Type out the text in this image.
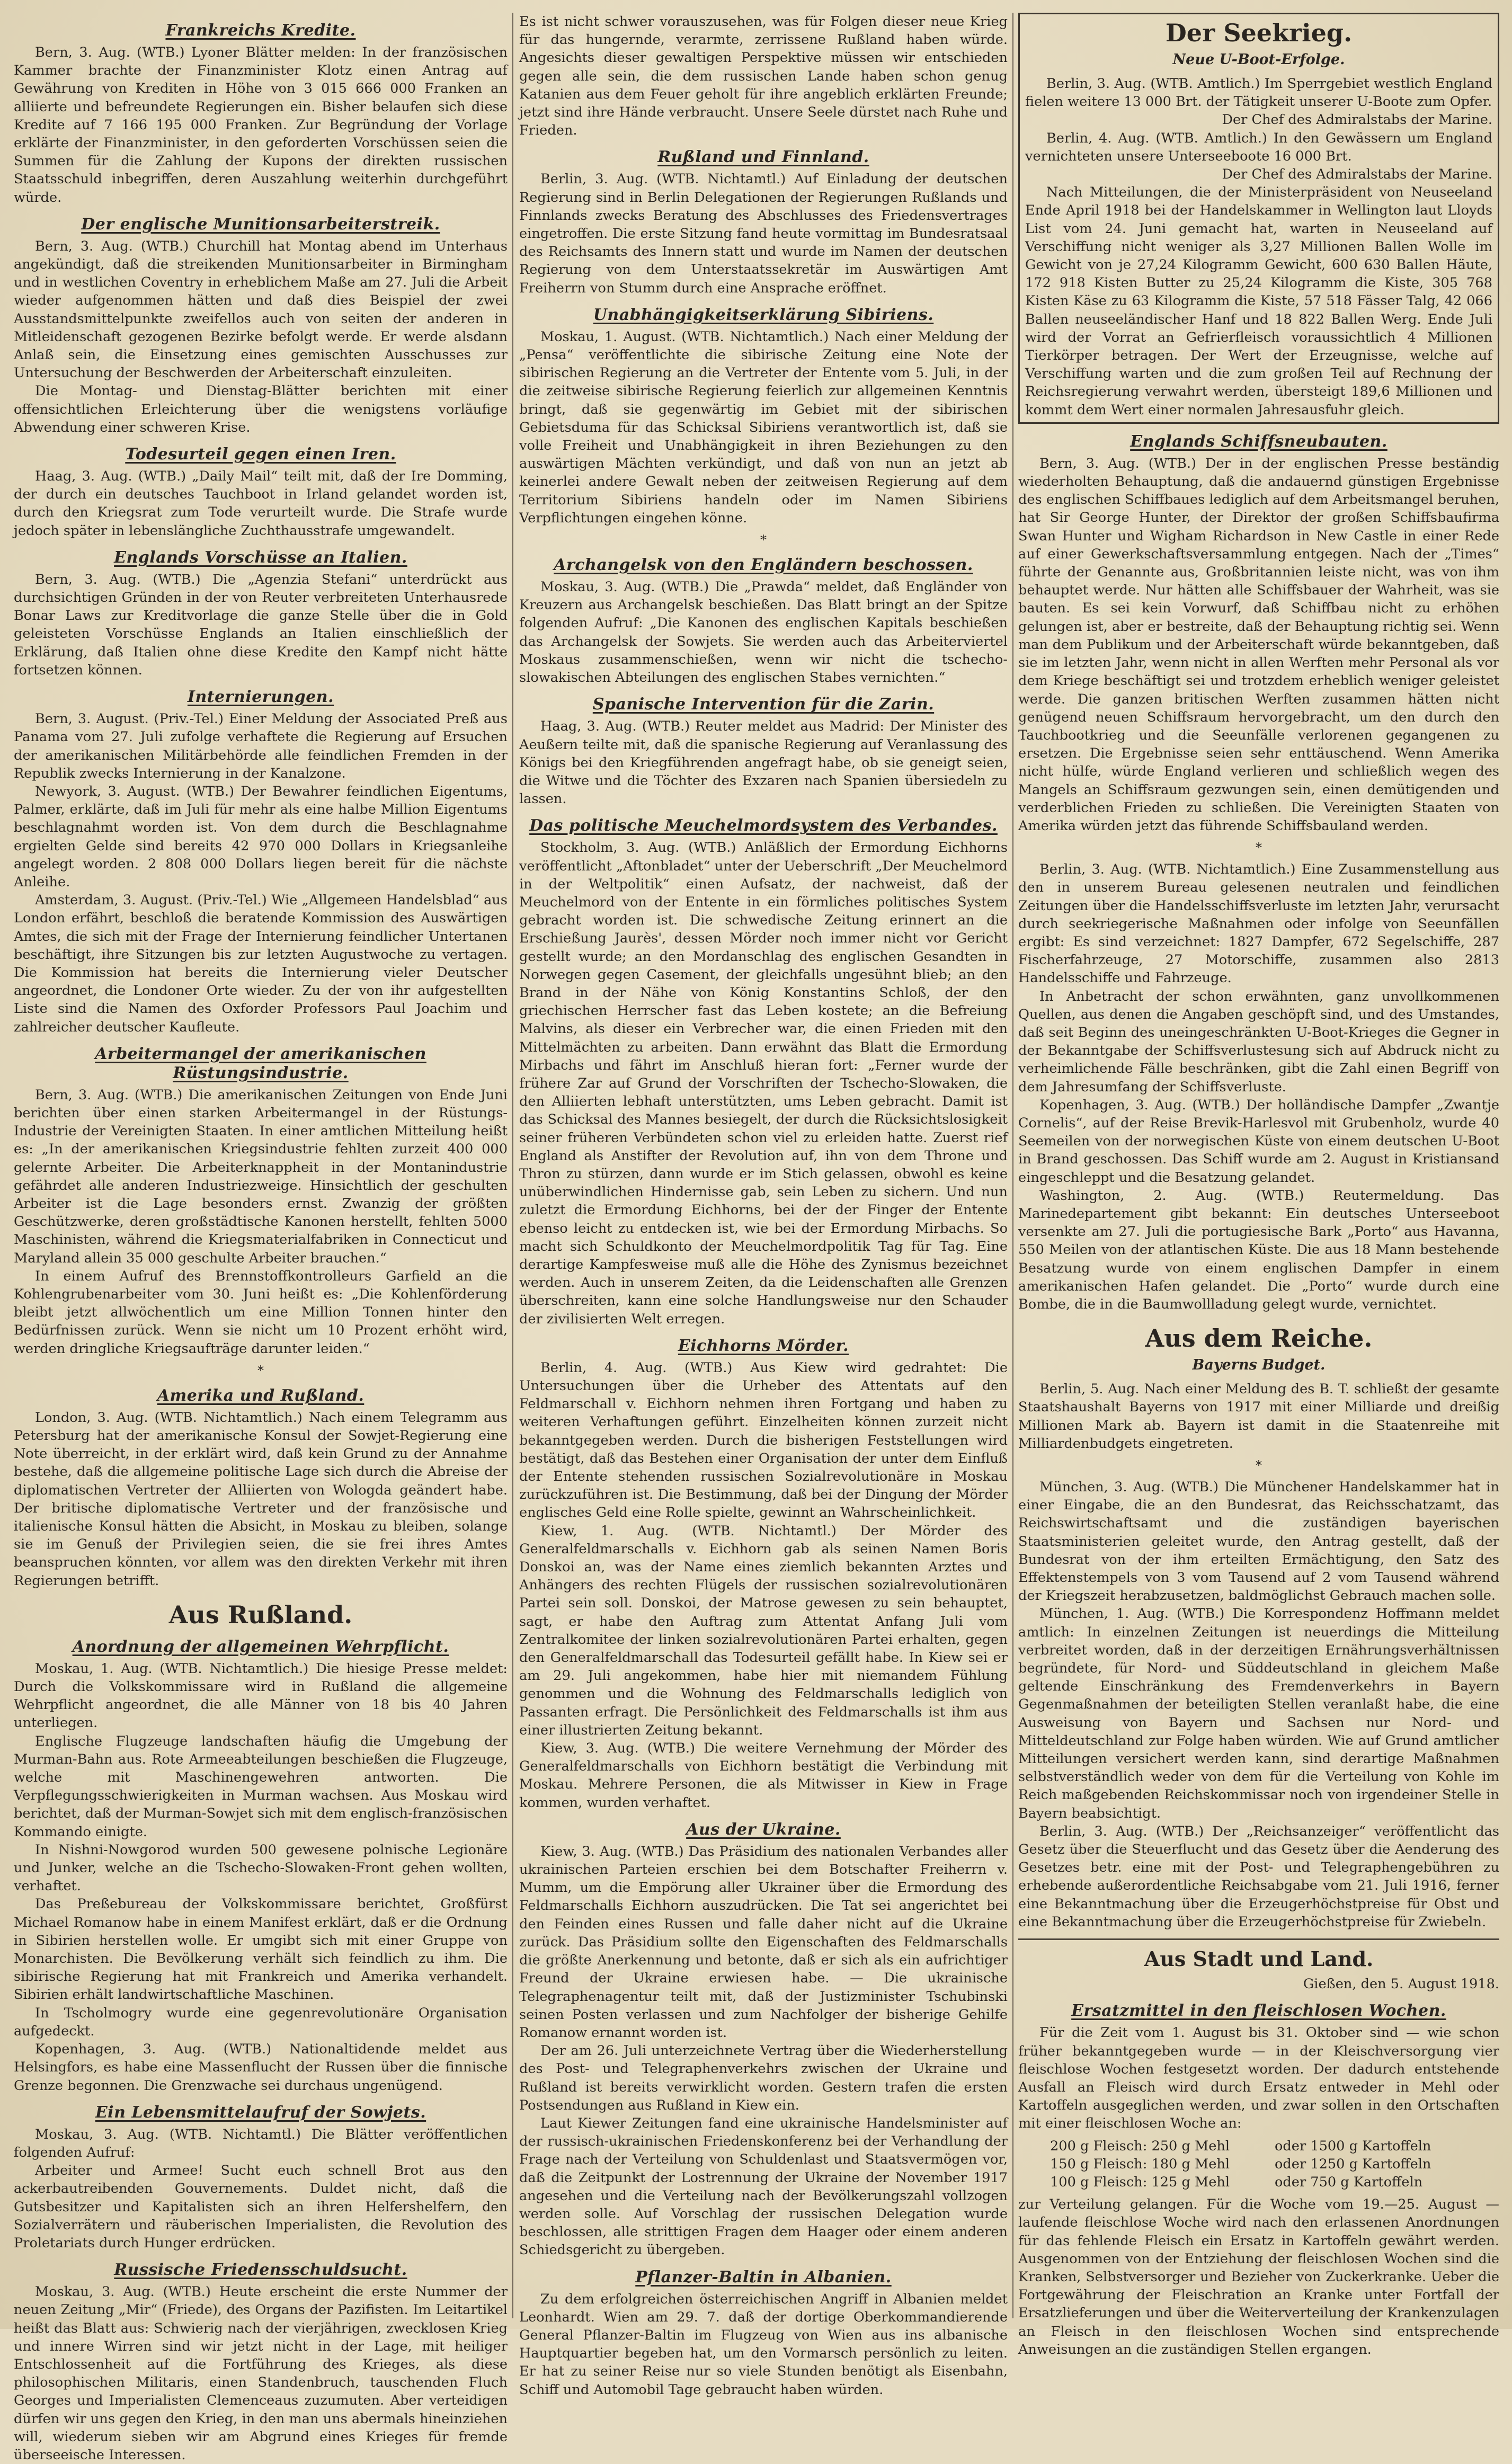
Frankreichs Kredite.

Bern, 3. Aug. (WTB.) Lyoner Blätter melden: In der französischen Kammer brachte der Finanzminister Klotz einen Antrag auf Gewährung von Krediten in Höhe von 3 015 666 000 Franken an alliierte und befreundete Regierungen ein. Bisher belaufen sich diese Kredite auf 7 166 195 000 Franken. Zur Begründung der Vorlage erklärte der Finanzminister, in den geforderten Vorschüssen seien die Summen für die Zahlung der Kupons der direkten russischen Staatsschuld inbegriffen, deren Auszahlung weiterhin durchgeführt würde.

Der englische Munitionsarbeiterstreik.

Bern, 3. Aug. (WTB.) Churchill hat Montag abend im Unterhaus angekündigt, daß die streikenden Munitionsarbeiter in Birmingham und in westlichen Coventry in erheblichem Maße am 27. Juli die Arbeit wieder aufgenommen hätten und daß dies Beispiel der zwei Ausstandsmittelpunkte zweifellos auch von seiten der anderen in Mitleidenschaft gezogenen Bezirke befolgt werde. Er werde alsdann Anlaß sein, die Einsetzung eines gemischten Ausschusses zur Untersuchung der Beschwerden der Arbeiterschaft einzuleiten.

Die Montag- und Dienstag-Blätter berichten mit einer offensichtlichen Erleichterung über die wenigstens vorläufige Abwendung einer schweren Krise.

Todesurteil gegen einen Iren.

Haag, 3. Aug. (WTB.) „Daily Mail“ teilt mit, daß der Ire Domming, der durch ein deutsches Tauchboot in Irland gelandet worden ist, durch den Kriegsrat zum Tode verurteilt wurde. Die Strafe wurde jedoch später in lebenslängliche Zuchthausstrafe umgewandelt.

Englands Vorschüsse an Italien.

Bern, 3. Aug. (WTB.) Die „Agenzia Stefani“ unterdrückt aus durchsichtigen Gründen in der von Reuter verbreiteten Unterhausrede Bonar Laws zur Kreditvorlage die ganze Stelle über die in Gold geleisteten Vorschüsse Englands an Italien einschließlich der Erklärung, daß Italien ohne diese Kredite den Kampf nicht hätte fortsetzen können.

Internierungen.

Bern, 3. August. (Priv.-Tel.) Einer Meldung der Associated Preß aus Panama vom 27. Juli zufolge verhaftete die Regierung auf Ersuchen der amerikanischen Militärbehörde alle feindlichen Fremden in der Republik zwecks Internierung in der Kanalzone.

Newyork, 3. August. (WTB.) Der Bewahrer feindlichen Eigentums, Palmer, erklärte, daß im Juli für mehr als eine halbe Million Eigentums beschlagnahmt worden ist. Von dem durch die Beschlagnahme ergielten Gelde sind bereits 42 970 000 Dollars in Kriegsanleihe angelegt worden. 2 808 000 Dollars liegen bereit für die nächste Anleihe.

Amsterdam, 3. August. (Priv.-Tel.) Wie „Allgemeen Handelsblad“ aus London erfährt, beschloß die beratende Kommission des Auswärtigen Amtes, die sich mit der Frage der Internierung feindlicher Untertanen beschäftigt, ihre Sitzungen bis zur letzten Augustwoche zu vertagen. Die Kommission hat bereits die Internierung vieler Deutscher angeordnet, die Londoner Orte wieder. Zu der von ihr aufgestellten Liste sind die Namen des Oxforder Professors Paul Joachim und zahlreicher deutscher Kaufleute.

Arbeitermangel der amerikanischen Rüstungsindustrie.

Bern, 3. Aug. (WTB.) Die amerikanischen Zeitungen von Ende Juni berichten über einen starken Arbeitermangel in der Rüstungs-Industrie der Vereinigten Staaten. In einer amtlichen Mitteilung heißt es: „In der amerikanischen Kriegsindustrie fehlten zurzeit 400 000 gelernte Arbeiter. Die Arbeiterknappheit in der Montanindustrie gefährdet alle anderen Industriezweige. Hinsichtlich der geschulten Arbeiter ist die Lage besonders ernst. Zwanzig der größten Geschützwerke, deren großstädtische Kanonen herstellt, fehlten 5000 Maschinisten, während die Kriegsmaterialfabriken in Connecticut und Maryland allein 35 000 geschulte Arbeiter brauchen.“

In einem Aufruf des Brennstoffkontrolleurs Garfield an die Kohlengrubenarbeiter vom 30. Juni heißt es: „Die Kohlenförderung bleibt jetzt allwöchentlich um eine Million Tonnen hinter den Bedürfnissen zurück. Wenn sie nicht um 10 Prozent erhöht wird, werden dringliche Kriegsaufträge darunter leiden.“

*
Amerika und Rußland.

London, 3. Aug. (WTB. Nichtamtlich.) Nach einem Telegramm aus Petersburg hat der amerikanische Konsul der Sowjet-Regierung eine Note überreicht, in der erklärt wird, daß kein Grund zu der Annahme bestehe, daß die allgemeine politische Lage sich durch die Abreise der diplomatischen Vertreter der Alliierten von Wologda geändert habe. Der britische diplomatische Vertreter und der französische und italienische Konsul hätten die Absicht, in Moskau zu bleiben, solange sie im Genuß der Privilegien seien, die sie frei ihres Amtes beanspruchen könnten, vor allem was den direkten Verkehr mit ihren Regierungen betrifft.

Aus Rußland.
Anordnung der allgemeinen Wehrpflicht.

Moskau, 1. Aug. (WTB. Nichtamtlich.) Die hiesige Presse meldet: Durch die Volkskommissare wird in Rußland die allgemeine Wehrpflicht angeordnet, die alle Männer von 18 bis 40 Jahren unterliegen.

Englische Flugzeuge landschaften häufig die Umgebung der Murman-Bahn aus. Rote Armeeabteilungen beschießen die Flugzeuge, welche mit Maschinengewehren antworten. Die Verpflegungsschwierigkeiten in Murman wachsen. Aus Moskau wird berichtet, daß der Murman-Sowjet sich mit dem englisch-französischen Kommando einigte.

In Nishni-Nowgorod wurden 500 gewesene polnische Legionäre und Junker, welche an die Tschecho-Slowaken-Front gehen wollten, verhaftet.

Das Preßebureau der Volkskommissare berichtet, Großfürst Michael Romanow habe in einem Manifest erklärt, daß er die Ordnung in Sibirien herstellen wolle. Er umgibt sich mit einer Gruppe von Monarchisten. Die Bevölkerung verhält sich feindlich zu ihm. Die sibirische Regierung hat mit Frankreich und Amerika verhandelt. Sibirien erhält landwirtschaftliche Maschinen.

In Tscholmogry wurde eine gegenrevolutionäre Organisation aufgedeckt.

Kopenhagen, 3. Aug. (WTB.) Nationaltidende meldet aus Helsingfors, es habe eine Massenflucht der Russen über die finnische Grenze begonnen. Die Grenzwache sei durchaus ungenügend.

Ein Lebensmittelaufruf der Sowjets.

Moskau, 3. Aug. (WTB. Nichtamtl.) Die Blätter veröffentlichen folgenden Aufruf:

Arbeiter und Armee! Sucht euch schnell Brot aus den ackerbautreibenden Gouvernements. Duldet nicht, daß die Gutsbesitzer und Kapitalisten sich an ihren Helfershelfern, den Sozialverrätern und räuberischen Imperialisten, die Revolution des Proletariats durch Hunger erdrücken.

Russische Friedensschuldsucht.

Moskau, 3. Aug. (WTB.) Heute erscheint die erste Nummer der neuen Zeitung „Mir“ (Friede), des Organs der Pazifisten. Im Leitartikel heißt das Blatt aus: Schwierig nach der vierjährigen, zwecklosen Krieg und innere Wirren sind wir jetzt nicht in der Lage, mit heiliger Entschlossenheit auf die Fortführung des Krieges, als diese philosophischen Militaris, einen Standenbruch, tauschenden Fluch Georges und Imperialisten Clemenceaus zuzumuten. Aber verteidigen dürfen wir uns gegen den Krieg, in den man uns abermals hineinziehen will, wiederum sieben wir am Abgrund eines Krieges für fremde überseeische Interessen.

Es ist nicht schwer vorauszusehen, was für Folgen dieser neue Krieg für das hungernde, verarmte, zerrissene Rußland haben würde. Angesichts dieser gewaltigen Perspektive müssen wir entschieden gegen alle sein, die dem russischen Lande haben schon genug Katanien aus dem Feuer geholt für ihre angeblich erklärten Freunde; jetzt sind ihre Hände verbraucht. Unsere Seele dürstet nach Ruhe und Frieden.

Rußland und Finnland.

Berlin, 3. Aug. (WTB. Nichtamtl.) Auf Einladung der deutschen Regierung sind in Berlin Delegationen der Regierungen Rußlands und Finnlands zwecks Beratung des Abschlusses des Friedensvertrages eingetroffen. Die erste Sitzung fand heute vormittag im Bundesratsaal des Reichsamts des Innern statt und wurde im Namen der deutschen Regierung von dem Unterstaatssekretär im Auswärtigen Amt Freiherrn von Stumm durch eine Ansprache eröffnet.

Unabhängigkeitserklärung Sibiriens.

Moskau, 1. August. (WTB. Nichtamtlich.) Nach einer Meldung der „Pensa“ veröffentlichte die sibirische Zeitung eine Note der sibirischen Regierung an die Vertreter der Entente vom 5. Juli, in der die zeitweise sibirische Regierung feierlich zur allgemeinen Kenntnis bringt, daß sie gegenwärtig im Gebiet mit der sibirischen Gebietsduma für das Schicksal Sibiriens verantwortlich ist, daß sie volle Freiheit und Unabhängigkeit in ihren Beziehungen zu den auswärtigen Mächten verkündigt, und daß von nun an jetzt ab keinerlei andere Gewalt neben der zeitweisen Regierung auf dem Territorium Sibiriens handeln oder im Namen Sibiriens Verpflichtungen eingehen könne.

*
Archangelsk von den Engländern beschossen.

Moskau, 3. Aug. (WTB.) Die „Prawda“ meldet, daß Engländer von Kreuzern aus Archangelsk beschießen. Das Blatt bringt an der Spitze folgenden Aufruf: „Die Kanonen des englischen Kapitals beschießen das Archangelsk der Sowjets. Sie werden auch das Arbeiterviertel Moskaus zusammenschießen, wenn wir nicht die tschecho-slowakischen Abteilungen des englischen Stabes vernichten.“

Spanische Intervention für die Zarin.

Haag, 3. Aug. (WTB.) Reuter meldet aus Madrid: Der Minister des Aeußern teilte mit, daß die spanische Regierung auf Veranlassung des Königs bei den Kriegführenden angefragt habe, ob sie geneigt seien, die Witwe und die Töchter des Exzaren nach Spanien übersiedeln zu lassen.

Das politische Meuchelmordsystem des Verbandes.

Stockholm, 3. Aug. (WTB.) Anläßlich der Ermordung Eichhorns veröffentlicht „Aftonbladet“ unter der Ueberschrift „Der Meuchelmord in der Weltpolitik“ einen Aufsatz, der nachweist, daß der Meuchelmord von der Entente in ein förmliches politisches System gebracht worden ist. Die schwedische Zeitung erinnert an die Erschießung Jaurès', dessen Mörder noch immer nicht vor Gericht gestellt wurde; an den Mordanschlag des englischen Gesandten in Norwegen gegen Casement, der gleichfalls ungesühnt blieb; an den Brand in der Nähe von König Konstantins Schloß, der den griechischen Herrscher fast das Leben kostete; an die Befreiung Malvins, als dieser ein Verbrecher war, die einen Frieden mit den Mittelmächten zu arbeiten. Dann erwähnt das Blatt die Ermordung Mirbachs und fährt im Anschluß hieran fort: „Ferner wurde der frühere Zar auf Grund der Vorschriften der Tschecho-Slowaken, die den Alliierten lebhaft unterstützten, ums Leben gebracht. Damit ist das Schicksal des Mannes besiegelt, der durch die Rücksichtslosigkeit seiner früheren Verbündeten schon viel zu erleiden hatte. Zuerst rief England als Anstifter der Revolution auf, ihn von dem Throne und Thron zu stürzen, dann wurde er im Stich gelassen, obwohl es keine unüberwindlichen Hindernisse gab, sein Leben zu sichern. Und nun zuletzt die Ermordung Eichhorns, bei der der Finger der Entente ebenso leicht zu entdecken ist, wie bei der Ermordung Mirbachs. So macht sich Schuldkonto der Meuchelmordpolitik Tag für Tag. Eine derartige Kampfesweise muß alle die Höhe des Zynismus bezeichnet werden. Auch in unserem Zeiten, da die Leidenschaften alle Grenzen überschreiten, kann eine solche Handlungsweise nur den Schauder der zivilisierten Welt erregen.

Eichhorns Mörder.

Berlin, 4. Aug. (WTB.) Aus Kiew wird gedrahtet: Die Untersuchungen über die Urheber des Attentats auf den Feldmarschall v. Eichhorn nehmen ihren Fortgang und haben zu weiteren Verhaftungen geführt. Einzelheiten können zurzeit nicht bekanntgegeben werden. Durch die bisherigen Feststellungen wird bestätigt, daß das Bestehen einer Organisation der unter dem Einfluß der Entente stehenden russischen Sozialrevolutionäre in Moskau zurückzuführen ist. Die Bestimmung, daß bei der Dingung der Mörder englisches Geld eine Rolle spielte, gewinnt an Wahrscheinlichkeit.

Kiew, 1. Aug. (WTB. Nichtamtl.) Der Mörder des Generalfeldmarschalls v. Eichhorn gab als seinen Namen Boris Donskoi an, was der Name eines ziemlich bekannten Arztes und Anhängers des rechten Flügels der russischen sozialrevolutionären Partei sein soll. Donskoi, der Matrose gewesen zu sein behauptet, sagt, er habe den Auftrag zum Attentat Anfang Juli vom Zentralkomitee der linken sozialrevolutionären Partei erhalten, gegen den Generalfeldmarschall das Todesurteil gefällt habe. In Kiew sei er am 29. Juli angekommen, habe hier mit niemandem Fühlung genommen und die Wohnung des Feldmarschalls lediglich von Passanten erfragt. Die Persönlichkeit des Feldmarschalls ist ihm aus einer illustrierten Zeitung bekannt.

Kiew, 3. Aug. (WTB.) Die weitere Vernehmung der Mörder des Generalfeldmarschalls von Eichhorn bestätigt die Verbindung mit Moskau. Mehrere Personen, die als Mitwisser in Kiew in Frage kommen, wurden verhaftet.

Aus der Ukraine.

Kiew, 3. Aug. (WTB.) Das Präsidium des nationalen Verbandes aller ukrainischen Parteien erschien bei dem Botschafter Freiherrn v. Mumm, um die Empörung aller Ukrainer über die Ermordung des Feldmarschalls Eichhorn auszudrücken. Die Tat sei angerichtet bei den Feinden eines Russen und falle daher nicht auf die Ukraine zurück. Das Präsidium sollte den Eigenschaften des Feldmarschalls die größte Anerkennung und betonte, daß er sich als ein aufrichtiger Freund der Ukraine erwiesen habe. — Die ukrainische Telegraphenagentur teilt mit, daß der Justizminister Tschubinski seinen Posten verlassen und zum Nachfolger der bisherige Gehilfe Romanow ernannt worden ist.

Der am 26. Juli unterzeichnete Vertrag über die Wiederherstellung des Post- und Telegraphenverkehrs zwischen der Ukraine und Rußland ist bereits verwirklicht worden. Gestern trafen die ersten Postsendungen aus Rußland in Kiew ein.

Laut Kiewer Zeitungen fand eine ukrainische Handelsminister auf der russisch-ukrainischen Friedenskonferenz bei der Verhandlung der Frage nach der Verteilung von Schuldenlast und Staatsvermögen vor, daß die Zeitpunkt der Lostrennung der Ukraine der November 1917 angesehen und die Verteilung nach der Bevölkerungszahl vollzogen werden solle. Auf Vorschlag der russischen Delegation wurde beschlossen, alle strittigen Fragen dem Haager oder einem anderen Schiedsgericht zu übergeben.

Pflanzer-Baltin in Albanien.

Zu dem erfolgreichen österreichischen Angriff in Albanien meldet Leonhardt. Wien am 29. 7. daß der dortige Oberkommandierende General Pflanzer-Baltin im Flugzeug von Wien aus ins albanische Hauptquartier begeben hat, um den Vormarsch persönlich zu leiten. Er hat zu seiner Reise nur so viele Stunden benötigt als Eisenbahn, Schiff und Automobil Tage gebraucht haben würden.

Der Seekrieg.
Neue U-Boot-Erfolge.

Berlin, 3. Aug. (WTB. Amtlich.) Im Sperrgebiet westlich England fielen weitere 13 000 Brt. der Tätigkeit unserer U-Boote zum Opfer.

Der Chef des Admiralstabs der Marine.

Berlin, 4. Aug. (WTB. Amtlich.) In den Gewässern um England vernichteten unsere Unterseeboote 16 000 Brt.

Der Chef des Admiralstabs der Marine.

Nach Mitteilungen, die der Ministerpräsident von Neuseeland Ende April 1918 bei der Handelskammer in Wellington laut Lloyds List vom 24. Juni gemacht hat, warten in Neuseeland auf Verschiffung nicht weniger als 3,27 Millionen Ballen Wolle im Gewicht von je 27,24 Kilogramm Gewicht, 600 630 Ballen Häute, 172 918 Kisten Butter zu 25,24 Kilogramm die Kiste, 305 768 Kisten Käse zu 63 Kilogramm die Kiste, 57 518 Fässer Talg, 42 066 Ballen neuseeländischer Hanf und 18 822 Ballen Werg. Ende Juli wird der Vorrat an Gefrierfleisch voraussichtlich 4 Millionen Tierkörper betragen. Der Wert der Erzeugnisse, welche auf Verschiffung warten und die zum großen Teil auf Rechnung der Reichsregierung verwahrt werden, übersteigt 189,6 Millionen und kommt dem Wert einer normalen Jahresausfuhr gleich.

Englands Schiffsneubauten.

Bern, 3. Aug. (WTB.) Der in der englischen Presse beständig wiederholten Behauptung, daß die andauernd günstigen Ergebnisse des englischen Schiffbaues lediglich auf dem Arbeitsmangel beruhen, hat Sir George Hunter, der Direktor der großen Schiffsbaufirma Swan Hunter und Wigham Richardson in New Castle in einer Rede auf einer Gewerkschaftsversammlung entgegen. Nach der „Times“ führte der Genannte aus, Großbritannien leiste nicht, was von ihm behauptet werde. Nur hätten alle Schiffsbauer der Wahrheit, was sie bauten. Es sei kein Vorwurf, daß Schiffbau nicht zu erhöhen gelungen ist, aber er bestreite, daß der Behauptung richtig sei. Wenn man dem Publikum und der Arbeiterschaft würde bekanntgeben, daß sie im letzten Jahr, wenn nicht in allen Werften mehr Personal als vor dem Kriege beschäftigt sei und trotzdem erheblich weniger geleistet werde. Die ganzen britischen Werften zusammen hätten nicht genügend neuen Schiffsraum hervorgebracht, um den durch den Tauchbootkrieg und die Seeunfälle verlorenen gegangenen zu ersetzen. Die Ergebnisse seien sehr enttäuschend. Wenn Amerika nicht hülfe, würde England verlieren und schließlich wegen des Mangels an Schiffsraum gezwungen sein, einen demütigenden und verderblichen Frieden zu schließen. Die Vereinigten Staaten von Amerika würden jetzt das führende Schiffsbauland werden.

*

Berlin, 3. Aug. (WTB. Nichtamtlich.) Eine Zusammenstellung aus den in unserem Bureau gelesenen neutralen und feindlichen Zeitungen über die Handelsschiffsverluste im letzten Jahr, verursacht durch seekriegerische Maßnahmen oder infolge von Seeunfällen ergibt: Es sind verzeichnet: 1827 Dampfer, 672 Segelschiffe, 287 Fischerfahrzeuge, 27 Motorschiffe, zusammen also 2813 Handelsschiffe und Fahrzeuge.

In Anbetracht der schon erwähnten, ganz unvollkommenen Quellen, aus denen die Angaben geschöpft sind, und des Umstandes, daß seit Beginn des uneingeschränkten U-Boot-Krieges die Gegner in der Bekanntgabe der Schiffsverlustesung sich auf Abdruck nicht zu verheimlichende Fälle beschränken, gibt die Zahl einen Begriff von dem Jahresumfang der Schiffsverluste.

Kopenhagen, 3. Aug. (WTB.) Der holländische Dampfer „Zwantje Cornelis“, auf der Reise Brevik-Harlesvol mit Grubenholz, wurde 40 Seemeilen von der norwegischen Küste von einem deutschen U-Boot in Brand geschossen. Das Schiff wurde am 2. August in Kristiansand eingeschleppt und die Besatzung gelandet.

Washington, 2. Aug. (WTB.) Reutermeldung. Das Marinedepartement gibt bekannt: Ein deutsches Unterseeboot versenkte am 27. Juli die portugiesische Bark „Porto“ aus Havanna, 550 Meilen von der atlantischen Küste. Die aus 18 Mann bestehende Besatzung wurde von einem englischen Dampfer in einem amerikanischen Hafen gelandet. Die „Porto“ wurde durch eine Bombe, die in die Baumwollladung gelegt wurde, vernichtet.

Aus dem Reiche.
Bayerns Budget.

Berlin, 5. Aug. Nach einer Meldung des B. T. schließt der gesamte Staatshaushalt Bayerns von 1917 mit einer Milliarde und dreißig Millionen Mark ab. Bayern ist damit in die Staatenreihe mit Milliardenbudgets eingetreten.

*

München, 3. Aug. (WTB.) Die Münchener Handelskammer hat in einer Eingabe, die an den Bundesrat, das Reichsschatzamt, das Reichswirtschaftsamt und die zuständigen bayerischen Staatsministerien geleitet wurde, den Antrag gestellt, daß der Bundesrat von der ihm erteilten Ermächtigung, den Satz des Effektenstempels von 3 vom Tausend auf 2 vom Tausend während der Kriegszeit herabzusetzen, baldmöglichst Gebrauch machen solle.

München, 1. Aug. (WTB.) Die Korrespondenz Hoffmann meldet amtlich: In einzelnen Zeitungen ist neuerdings die Mitteilung verbreitet worden, daß in der derzeitigen Ernährungsverhältnissen begründete, für Nord- und Süddeutschland in gleichem Maße geltende Einschränkung des Fremdenverkehrs in Bayern Gegenmaßnahmen der beteiligten Stellen veranlaßt habe, die eine Ausweisung von Bayern und Sachsen nur Nord- und Mitteldeutschland zur Folge haben würden. Wie auf Grund amtlicher Mitteilungen versichert werden kann, sind derartige Maßnahmen selbstverständlich weder von dem für die Verteilung von Kohle im Reich maßgebenden Reichskommissar noch von irgendeiner Stelle in Bayern beabsichtigt.

Berlin, 3. Aug. (WTB.) Der „Reichsanzeiger“ veröffentlicht das Gesetz über die Steuerflucht und das Gesetz über die Aenderung des Gesetzes betr. eine mit der Post- und Telegraphengebühren zu erhebende außerordentliche Reichsabgabe vom 21. Juli 1916, ferner eine Bekanntmachung über die Erzeugerhöchstpreise für Obst und eine Bekanntmachung über die Erzeugerhöchstpreise für Zwiebeln.

Aus Stadt und Land.

Gießen, den 5. August 1918.

Ersatzmittel in den fleischlosen Wochen.

Für die Zeit vom 1. August bis 31. Oktober sind — wie schon früher bekanntgegeben wurde — in der Kleischversorgung vier fleischlose Wochen festgesetzt worden. Der dadurch entstehende Ausfall an Fleisch wird durch Ersatz entweder in Mehl oder Kartoffeln ausgeglichen werden, und zwar sollen in den Ortschaften mit einer fleischlosen Woche an:

200 g Fleisch: 250 g Mehl	oder 1500 g Kartoffeln
150 g Fleisch: 180 g Mehl	oder 1250 g Kartoffeln
100 g Fleisch: 125 g Mehl	oder 750 g Kartoffeln

zur Verteilung gelangen. Für die Woche vom 19.—25. August — laufende fleischlose Woche wird nach den erlassenen Anordnungen für das fehlende Fleisch ein Ersatz in Kartoffeln gewährt werden. Ausgenommen von der Entziehung der fleischlosen Wochen sind die Kranken, Selbstversorger und Bezieher von Zuckerkranke. Ueber die Fortgewährung der Fleischration an Kranke unter Fortfall der Ersatzlieferungen und über die Weiterverteilung der Krankenzulagen an Fleisch in den fleischlosen Wochen sind entsprechende Anweisungen an die zuständigen Stellen ergangen.
